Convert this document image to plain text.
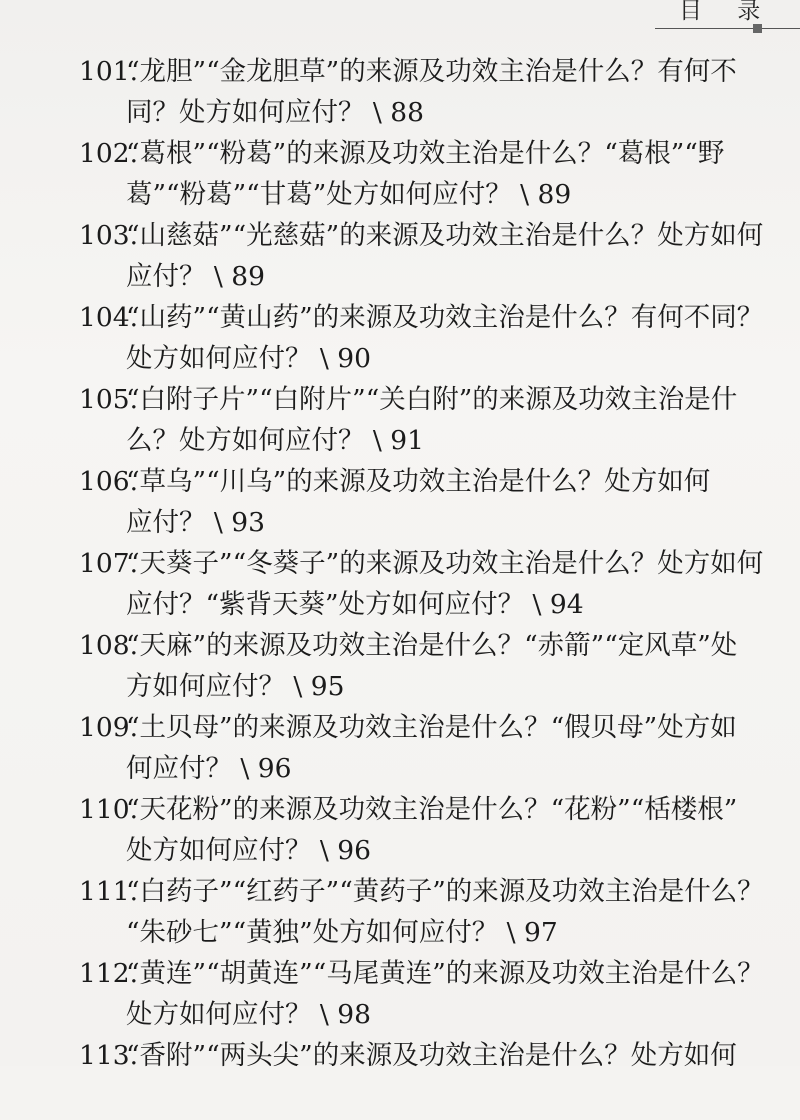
目 录
101.
“龙胆”“金龙胆草”的来源及功效主治是什么？有何不
同？处方如何应付？ \ 88
102.
“葛根”“粉葛”的来源及功效主治是什么？“葛根”“野
葛”“粉葛”“甘葛”处方如何应付？ \ 89
103.
“山慈菇”“光慈菇”的来源及功效主治是什么？处方如何
应付？ \ 89
104.
“山药”“黄山药”的来源及功效主治是什么？有何不同？
处方如何应付？ \ 90
105.
“白附子片”“白附片”“关白附”的来源及功效主治是什
么？处方如何应付？ \ 91
106.
“草乌”“川乌”的来源及功效主治是什么？处方如何
应付？ \ 93
107.
“天葵子”“冬葵子”的来源及功效主治是什么？处方如何
应付？“紫背天葵”处方如何应付？ \ 94
108.
“天麻”的来源及功效主治是什么？“赤箭”“定风草”处
方如何应付？ \ 95
109.
“土贝母”的来源及功效主治是什么？“假贝母”处方如
何应付？ \ 96
110.
“天花粉”的来源及功效主治是什么？“花粉”“栝楼根”
处方如何应付？ \ 96
111.
“白药子”“红药子”“黄药子”的来源及功效主治是什么？
“朱砂七”“黄独”处方如何应付？ \ 97
112.
“黄连”“胡黄连”“马尾黄连”的来源及功效主治是什么？
处方如何应付？ \ 98
113.
“香附”“两头尖”的来源及功效主治是什么？处方如何
